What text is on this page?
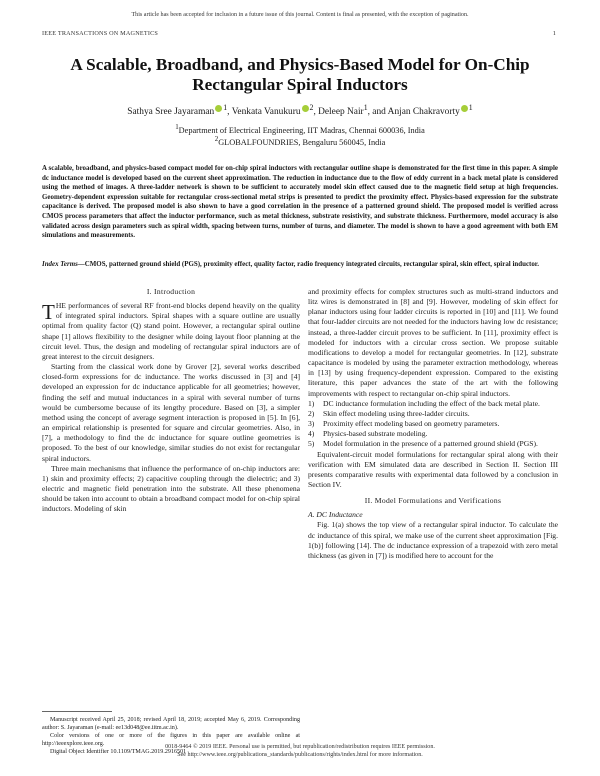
This article has been accepted for inclusion in a future issue of this journal. Content is final as presented, with the exception of pagination.
IEEE TRANSACTIONS ON MAGNETICS	1
A Scalable, Broadband, and Physics-Based Model for On-Chip Rectangular Spiral Inductors
Sathya Sree Jayaraman $^1$, Venkata Vanukuru $^2$, Deleep Nair$^1$, and Anjan Chakravorty $^1$
$^1$Department of Electrical Engineering, IIT Madras, Chennai 600036, India
$^2$GLOBALFOUNDRIES, Bengaluru 560045, India
A scalable, broadband, and physics-based compact model for on-chip spiral inductors with rectangular outline shape is demonstrated for the first time in this paper. A simple dc inductance model is developed based on the current sheet approximation. The reduction in inductance due to the flow of eddy current in a back metal plate is considered using the method of images. A three-ladder network is shown to be sufficient to accurately model skin effect caused due to the magnetic field setup at high frequencies. Geometry-dependent expression suitable for rectangular cross-sectional metal strips is presented to predict the proximity effect. Physics-based expression for the substrate capacitance is derived. The proposed model is also shown to have a good correlation in the presence of a patterned ground shield. The proposed model is verified across CMOS process parameters that affect the inductor performance, such as metal thickness, substrate resistivity, and substrate thickness. Furthermore, model accuracy is also validated across design parameters such as spiral width, spacing between turns, number of turns, and diameter. The model is shown to have a good agreement with both EM simulations and measurements.
Index Terms—CMOS, patterned ground shield (PGS), proximity effect, quality factor, radio frequency integrated circuits, rectangular spiral, skin effect, spiral inductor.
I. Introduction

THE performances of several RF front-end blocks depend heavily on the quality of integrated spiral inductors. Spiral shapes with a square outline are usually optimal from quality factor (Q) stand point. However, a rectangular spiral outline shape [1] allows flexibility to the designer while doing layout floor planning at the circuit level. Thus, the design and modeling of rectangular spiral inductors are of great interest to the circuit designers.

Starting from the classical work done by Grover [2], several works described closed-form expressions for dc inductance. The works discussed in [3] and [4] developed an expression for dc inductance applicable for all geometries; however, finding the self and mutual inductances in a spiral with several number of turns would be cumbersome because of its lengthy procedure. Based on [3], a simpler method using the concept of average segment interaction is proposed in [5]. In [6], an empirical relationship is presented for square and circular geometries. Also, in [7], a methodology to find the dc inductance for square outline geometries is proposed. To the best of our knowledge, similar studies do not exist for rectangular spiral inductors.

Three main mechanisms that influence the performance of on-chip inductors are: 1) skin and proximity effects; 2) capacitive coupling through the dielectric; and 3) electric and magnetic field penetration into the substrate. All these phenomena should be taken into account to obtain a broadband compact model for on-chip spiral inductors. Modeling of skin

and proximity effects for complex structures such as multi-strand inductors and litz wires is demonstrated in [8] and [9]. However, modeling of skin effect for planar inductors using four ladder circuits is reported in [10] and [11]. We found that four-ladder circuits are not needed for the inductors having low dc resistance; instead, a three-ladder circuit proves to be sufficient. In [11], proximity effect is modeled for inductors with a circular cross section. We propose suitable modifications to develop a model for rectangular geometries. In [12], substrate capacitance is modeled by using the parameter extraction methodology, whereas in [13] by using frequency-dependent expression. Compared to the existing literature, this paper advances the state of the art with the following improvements with respect to rectangular on-chip spiral inductors.

1)	DC inductance formulation including the effect of the back metal plate.
2)	Skin effect modeling using three-ladder circuits.
3)	Proximity effect modeling based on geometry parameters.
4)	Physics-based substrate modeling.
5)	Model formulation in the presence of a patterned ground shield (PGS).

Equivalent-circuit model formulations for rectangular spiral along with their verification with EM simulated data are described in Section II. Section III presents comparative results with experimental data followed by a conclusion in Section IV.

II. Model Formulations and Verifications

A. DC Inductance

Fig. 1(a) shows the top view of a rectangular spiral inductor. To calculate the dc inductance of this spiral, we make use of the current sheet approximation [Fig. 1(b)] following [14]. The dc inductance expression of a trapezoid with zero metal thickness (as given in [7]) is modified here to account for the

Manuscript received April 25, 2018; revised April 18, 2019; accepted May 6, 2019. Corresponding author: S. Jayaraman (e-mail: ee13d048@ee.iitm.ac.in).
Color versions of one or more of the figures in this paper are available online at http://ieeexplore.ieee.org.
Digital Object Identifier 10.1109/TMAG.2019.2916501
0018-9464 © 2019 IEEE. Personal use is permitted, but republication/redistribution requires IEEE permission.
See http://www.ieee.org/publications_standards/publications/rights/index.html for more information.
